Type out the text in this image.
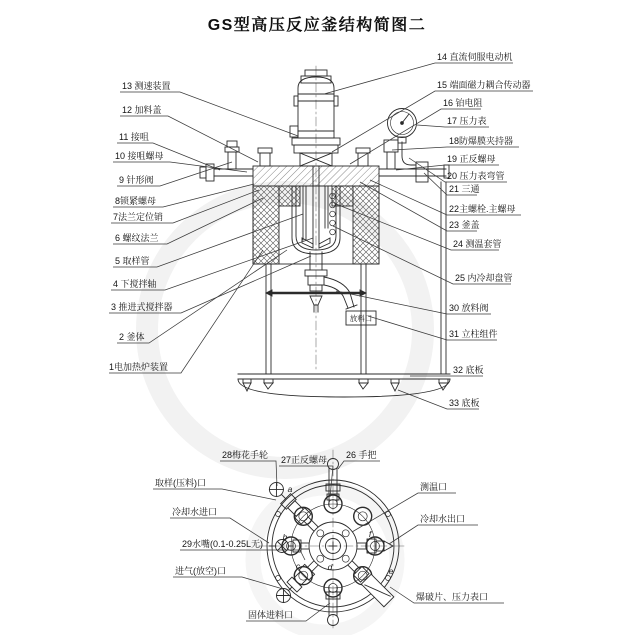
GS型高压反应釜结构简图二
放料口
13 测速装置
12 加料盖
11 接咀
10 接咀螺母
9 针形阀
8锁紧螺母
7法兰定位销
6 螺纹法兰
5 取样管
4 下搅拌轴
3 推进式搅拌器
2 釜体
1电加热炉装置
14 直流伺服电动机
15 端面磁力耦合传动器
16 铂电阻
17 压力表
18防爆膜夹持器
19 正反螺母
20 压力表弯管
21 三通
22主螺栓.主螺母
23 釜盖
24 测温套管
25 内冷却盘管
30 放料阀
31 立柱组件
32 底板
33 底板
a
b
c	d	e
f
28梅花手轮 27正反螺母 26 手把
取样(压料)口
冷却水进口
29水嘴(0.1-0.25L无)
进气(放空)口
固体进料口
测温口
冷却水出口
爆破片、压力表口
